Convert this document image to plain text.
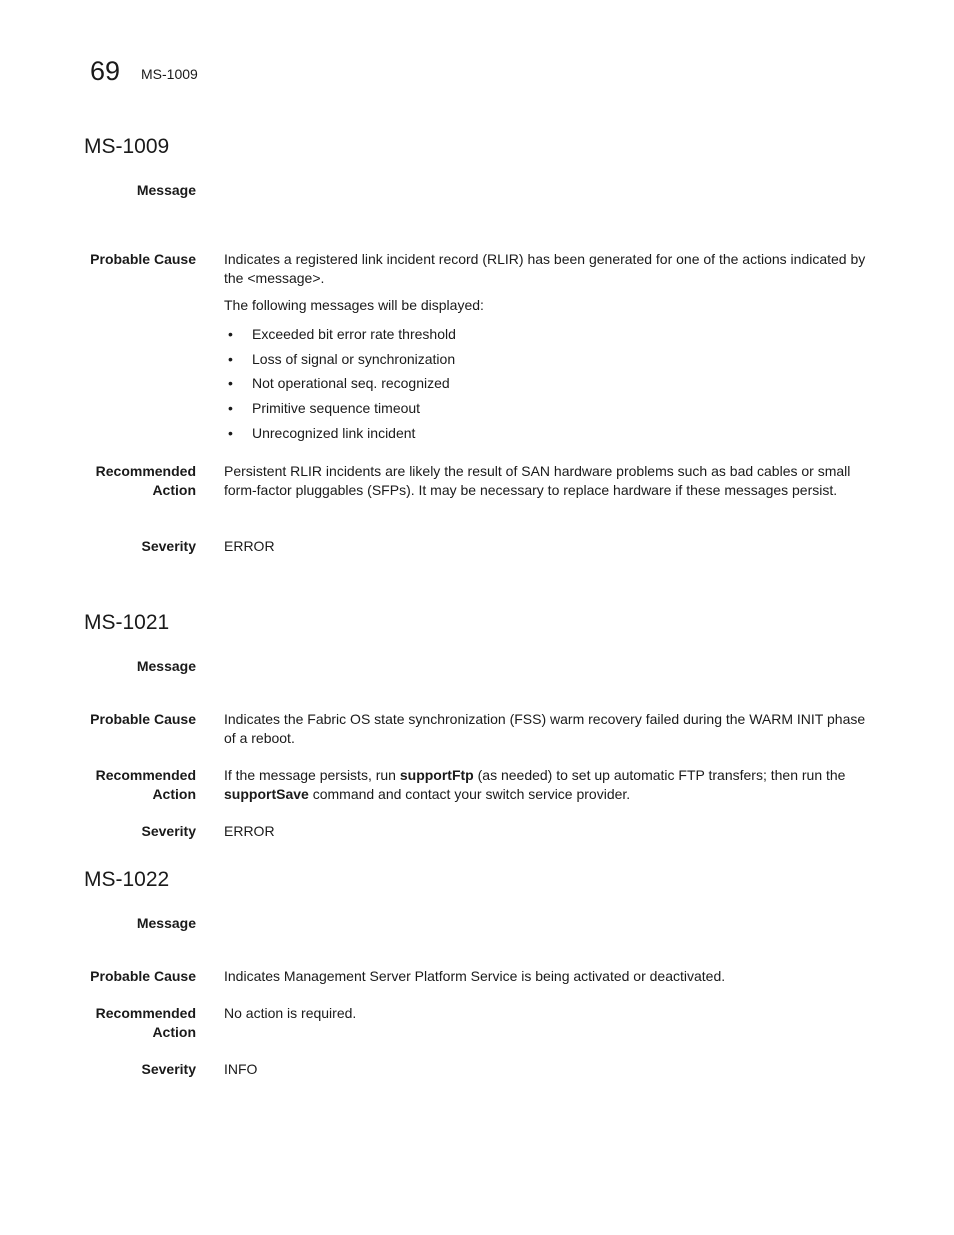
69 MS-1009
MS-1009
Message
Probable Cause Indicates a registered link incident record (RLIR) has been generated for one of the actions indicated by the <message>.

The following messages will be displayed:

• Exceeded bit error rate threshold
• Loss of signal or synchronization
• Not operational seq. recognized
• Primitive sequence timeout
• Unrecognized link incident
Recommended
Action

Persistent RLIR incidents are likely the result of SAN hardware problems such as bad cables or small form-factor pluggables (SFPs). It may be necessary to replace hardware if these messages persist.

Severity ERROR
MS-1021
Message
Probable Cause Indicates the Fabric OS state synchronization (FSS) warm recovery failed during the WARM INIT phase of a reboot.

Recommended
Action

If the message persists, run supportFtp (as needed) to set up automatic FTP transfers; then run the supportSave command and contact your switch service provider.

Severity ERROR
MS-1022
Message
Probable Cause Indicates Management Server Platform Service is being activated or deactivated.

Recommended
Action

No action is required.

Severity INFO
